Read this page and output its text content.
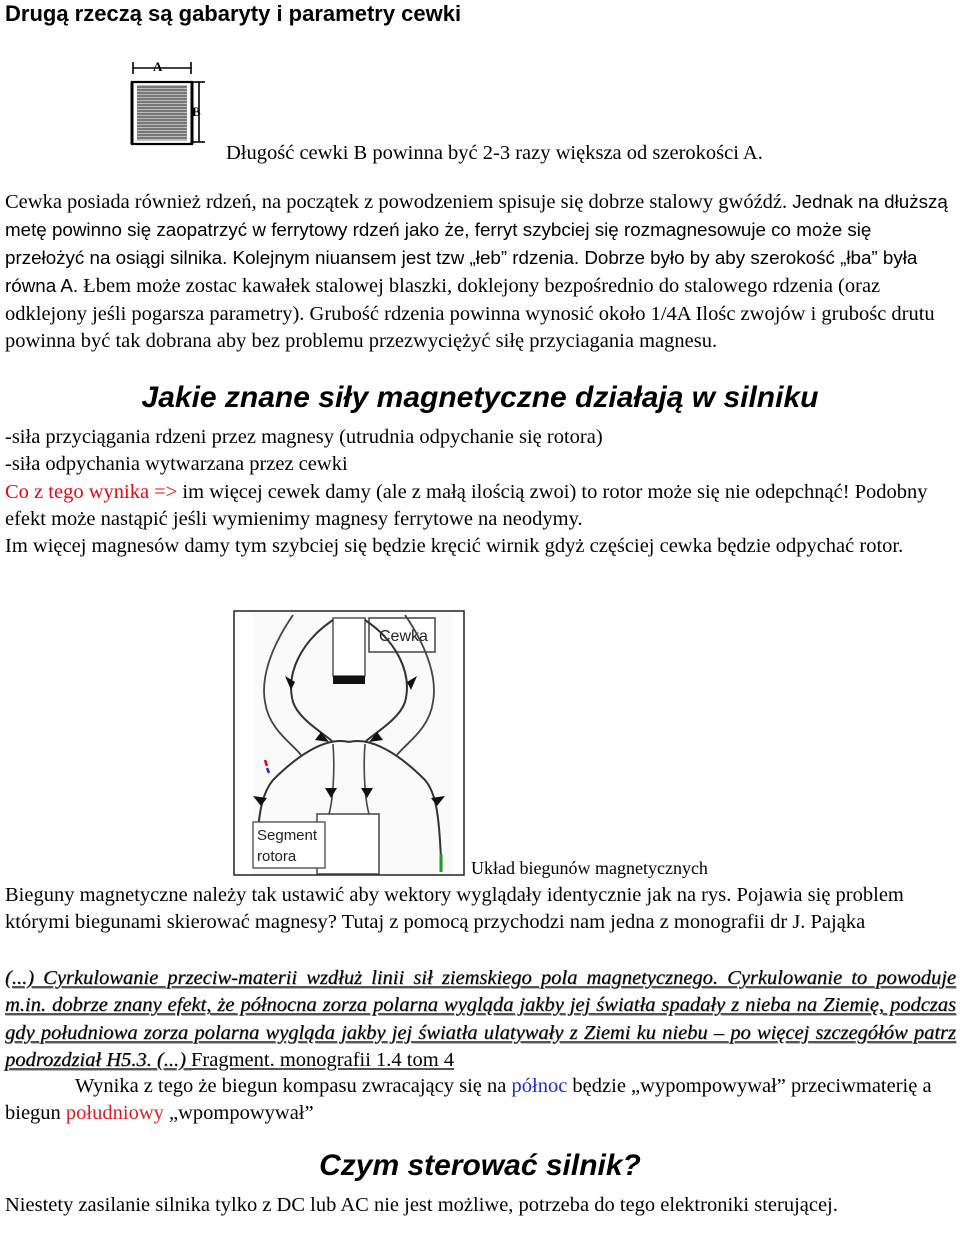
Drugą rzeczą są gabaryty i parametry cewki
A
B
Długość cewki B powinna być 2-3 razy większa od szerokości A.

Cewka posiada również rdzeń, na początek z powodzeniem spisuje się dobrze stalowy gwóźdź. Jednak na dłuższą metę powinno się zaopatrzyć w ferrytowy rdzeń jako że, ferryt szybciej się rozmagnesowuje co może się przełożyć na osiągi silnika. Kolejnym niuansem jest tzw „łeb” rdzenia. Dobrze było by aby szerokość „łba” była równa A. Łbem może zostac kawałek stalowej blaszki, doklejony bezpośrednio do stalowego rdzenia (oraz odklejony jeśli pogarsza parametry). Grubość rdzenia powinna wynosić około 1/4A Ilośc zwojów i grubośc drutu powinna być tak dobrana aby bez problemu przezwyciężyć siłę przyciagania magnesu.

Jakie znane siły magnetyczne działają w silniku
-siła przyciągania rdzeni przez magnesy (utrudnia odpychanie się rotora)
-siła odpychania wytwarzana przez cewki
Co z tego wynika => im więcej cewek damy (ale z małą ilością zwoi) to rotor może się nie odepchnąć! Podobny efekt może nastąpić jeśli wymienimy magnesy ferrytowe na neodymy.
Im więcej magnesów damy tym szybciej się będzie kręcić wirnik gdyż częściej cewka będzie odpychać rotor.
Cewka
Segment
rotora
Układ biegunów magnetycznych
Bieguny magnetyczne należy tak ustawić aby wektory wyglądały identycznie jak na rys. Pojawia się problem którymi biegunami skierować magnesy? Tutaj z pomocą przychodzi nam jedna z monografii dr J. Pająka
(...) Cyrkulowanie przeciw-materii wzdłuż linii sił ziemskiego pola magnetycznego. Cyrkulowanie to powoduje m.in. dobrze znany efekt, że północna zorza polarna wygląda jakby jej światła spadały z nieba na Ziemię, podczas gdy południowa zorza polarna wygląda jakby jej światła ulatywały z Ziemi ku niebu – po więcej szczegółów patrz podrozdział H5.3. (...) Fragment. monografii 1.4 tom 4
Wynika z tego że biegun kompasu zwracający się na północ będzie „wypompowywał” przeciwmaterię a biegun południowy „wpompowywał”
Czym sterować silnik?
Niestety zasilanie silnika tylko z DC lub AC nie jest możliwe, potrzeba do tego elektroniki sterującej.
